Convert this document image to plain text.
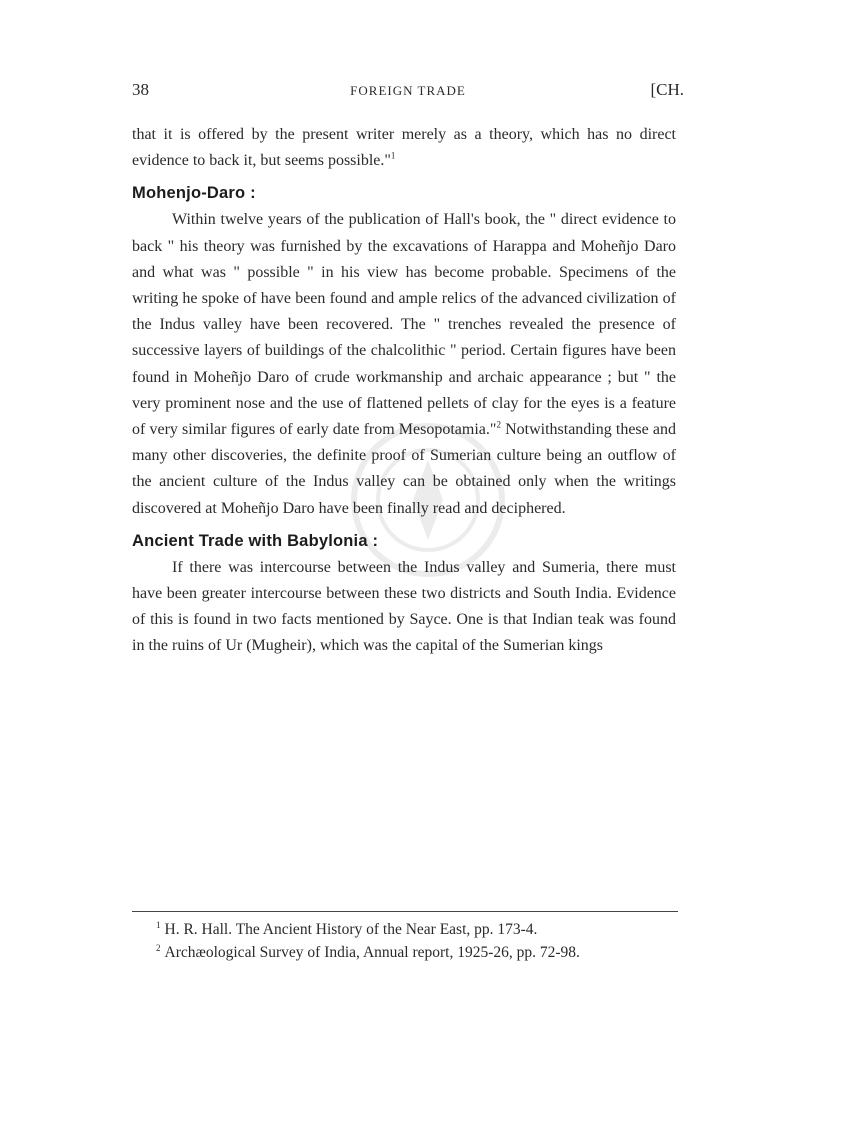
38	FOREIGN TRADE	[CH.

that it is offered by the present writer merely as a theory, which has no direct evidence to back it, but seems possible."$^1$

Mohenjo-Daro :

Within twelve years of the publication of Hall's book, the " direct evidence to back " his theory was furnished by the excavations of Harappa and Moheñjo Daro and what was " possible " in his view has become probable. Specimens of the writing he spoke of have been found and ample relics of the advanced civilization of the Indus valley have been recovered. The " trenches revealed the presence of successive layers of buildings of the chalcolithic " period. Certain figures have been found in Moheñjo Daro of crude workmanship and archaic appearance ; but " the very prominent nose and the use of flattened pellets of clay for the eyes is a feature of very similar figures of early date from Mesopotamia."$^2$ Notwithstanding these and many other discoveries, the definite proof of Sumerian culture being an outflow of the ancient culture of the Indus valley can be obtained only when the writings discovered at Moheñjo Daro have been finally read and deciphered.

Ancient Trade with Babylonia :

If there was intercourse between the Indus valley and Sumeria, there must have been greater intercourse between these two districts and South India. Evidence of this is found in two facts mentioned by Sayce. One is that Indian teak was found in the ruins of Ur (Mugheir), which was the capital of the Sumerian kings

$^1$ H. R. Hall. The Ancient History of the Near East, pp. 173-4.

$^2$ Archæological Survey of India, Annual report, 1925-26, pp. 72-98.
